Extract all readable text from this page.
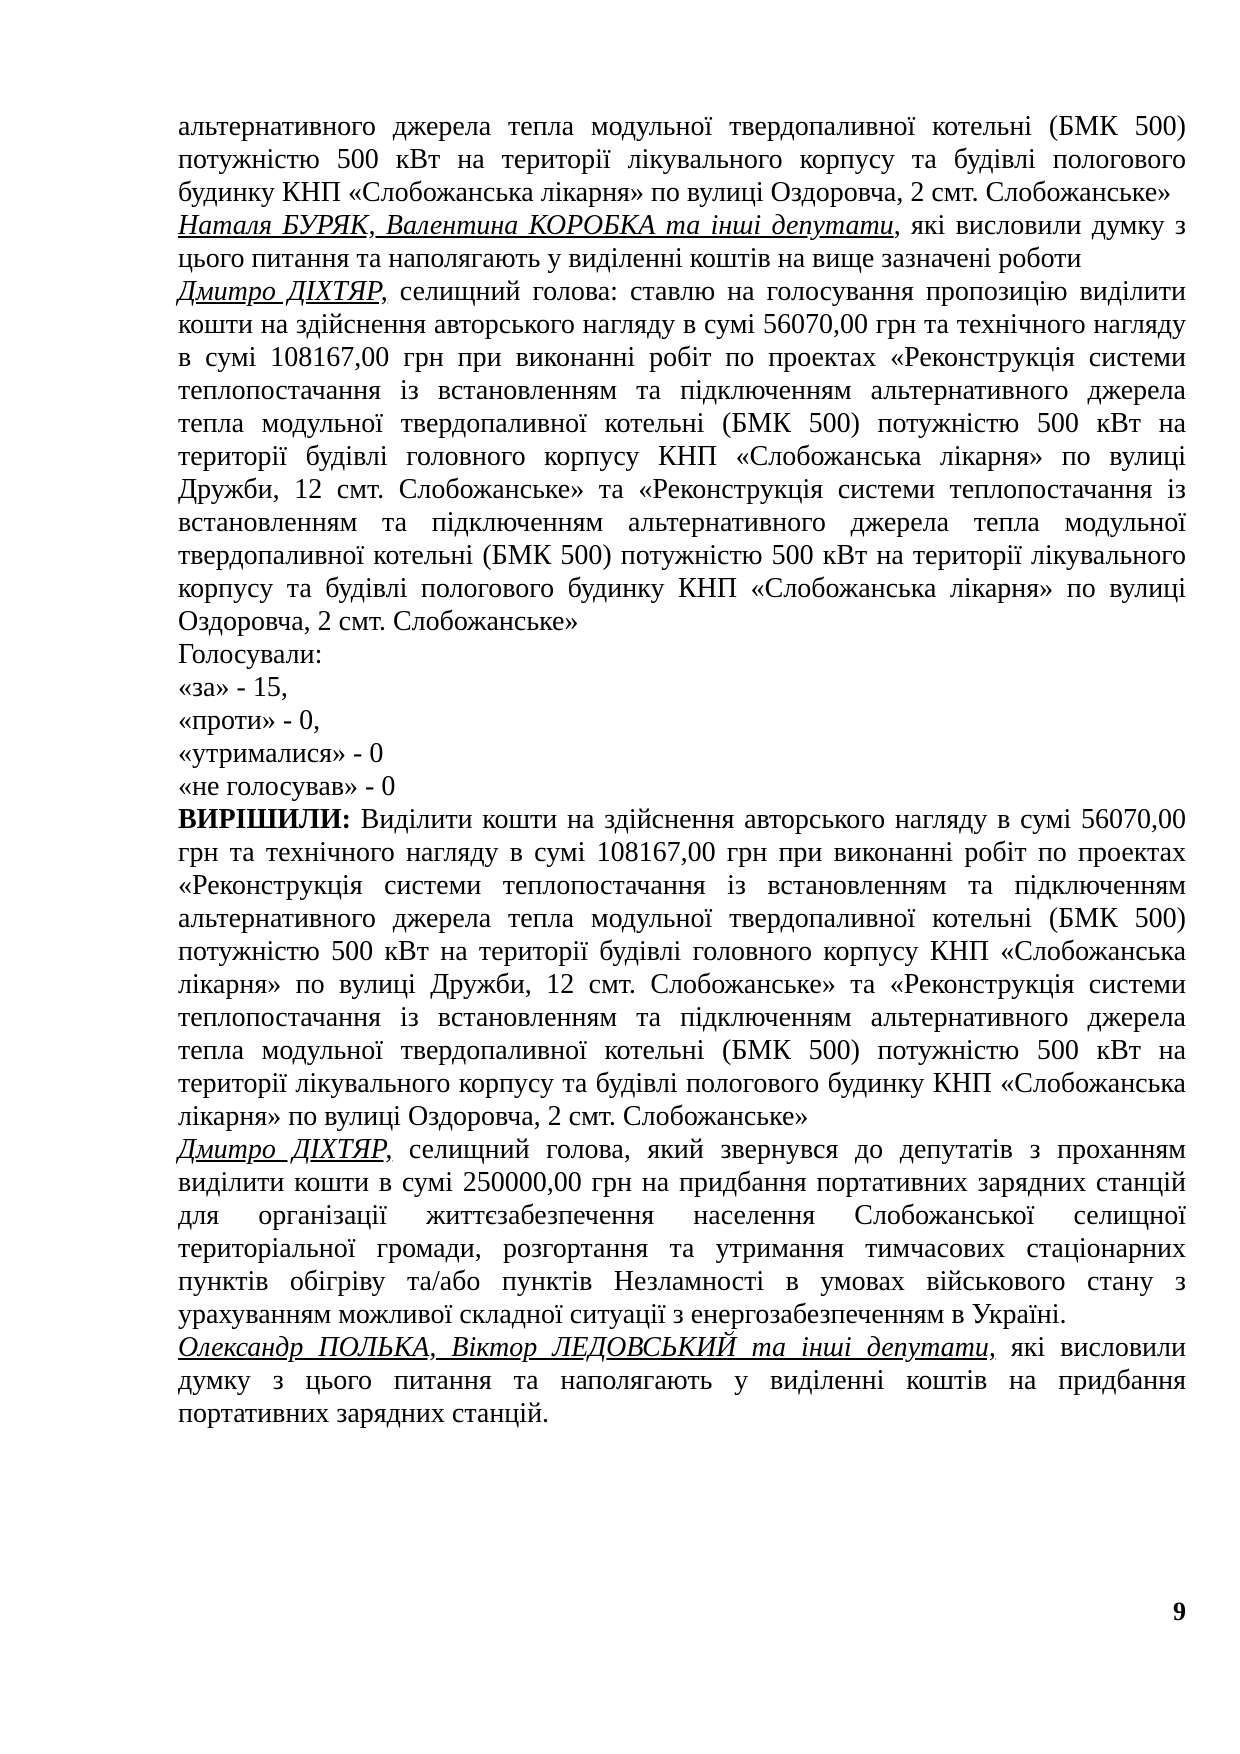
альтернативного джерела тепла модульної твердопаливної котельні (БМК 500) потужністю 500 кВт на території лікувального корпусу та будівлі пологового будинку КНП «Слобожанська лікарня» по вулиці Оздоровча, 2 смт. Слобожанське»

Наталя БУРЯК, Валентина КОРОБКА та інші депутати, які висловили думку з цього питання та наполягають у виділенні коштів на вище зазначені роботи

Дмитро ДІХТЯР, селищний голова: ставлю на голосування пропозицію виділити кошти на здійснення авторського нагляду в сумі 56070,00 грн та технічного нагляду в сумі 108167,00 грн при виконанні робіт по проектах «Реконструкція системи теплопостачання із встановленням та підключенням альтернативного джерела тепла модульної твердопаливної котельні (БМК 500) потужністю 500 кВт на території будівлі головного корпусу КНП «Слобожанська лікарня» по вулиці Дружби, 12 смт. Слобожанське» та «Реконструкція системи теплопостачання із встановленням та підключенням альтернативного джерела тепла модульної твердопаливної котельні (БМК 500) потужністю 500 кВт на території лікувального корпусу та будівлі пологового будинку КНП «Слобожанська лікарня» по вулиці Оздоровча, 2 смт. Слобожанське»

Голосували:

«за» - 15,

«проти» - 0,

«утрималися» - 0

«не голосував» - 0

ВИРІШИЛИ: Виділити кошти на здійснення авторського нагляду в сумі 56070,00 грн та технічного нагляду в сумі 108167,00 грн при виконанні робіт по проектах «Реконструкція системи теплопостачання із встановленням та підключенням альтернативного джерела тепла модульної твердопаливної котельні (БМК 500) потужністю 500 кВт на території будівлі головного корпусу КНП «Слобожанська лікарня» по вулиці Дружби, 12 смт. Слобожанське» та «Реконструкція системи теплопостачання із встановленням та підключенням альтернативного джерела тепла модульної твердопаливної котельні (БМК 500) потужністю 500 кВт на території лікувального корпусу та будівлі пологового будинку КНП «Слобожанська лікарня» по вулиці Оздоровча, 2 смт. Слобожанське»

Дмитро ДІХТЯР, селищний голова, який звернувся до депутатів з проханням виділити кошти в сумі 250000,00 грн на придбання портативних зарядних станцій для організації життєзабезпечення населення Слобожанської селищної територіальної громади, розгортання та утримання тимчасових стаціонарних пунктів обігріву та/або пунктів Незламності в умовах військового стану з урахуванням можливої складної ситуації з енергозабезпеченням в Україні.

Олександр ПОЛЬКА, Віктор ЛЕДОВСЬКИЙ та інші депутати, які висловили думку з цього питання та наполягають у виділенні коштів на придбання портативних зарядних станцій.

9
